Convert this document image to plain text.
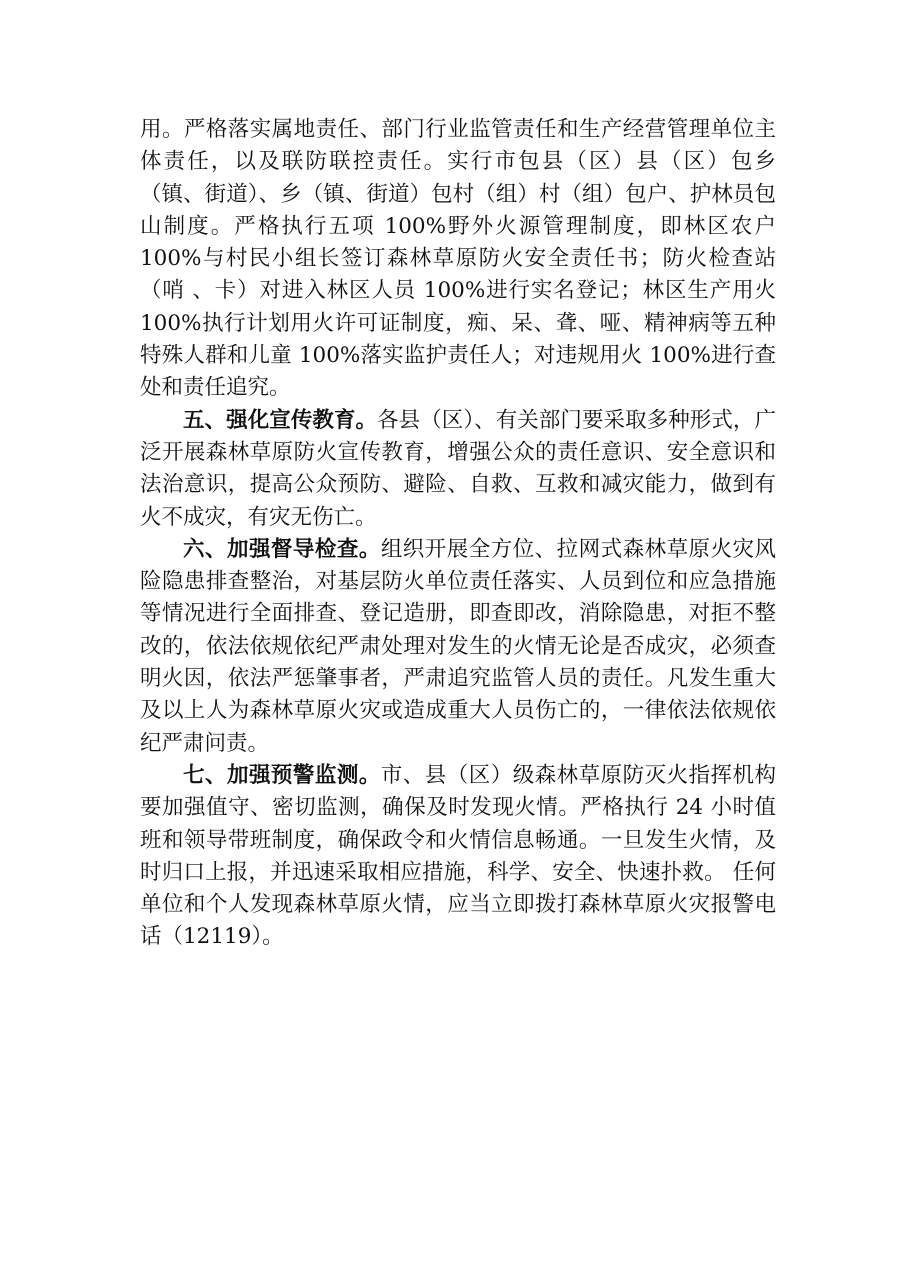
用。严格落实属地责任、部门行业监管责任和生产经营管理单位主体责任，以及联防联控责任。实行市包县（区）县（区）包乡（镇、街道）、乡（镇、街道）包村（组）村（组）包户、护林员包山制度。严格执行五项 100%野外火源管理制度，即林区农户 100%与村民小组长签订森林草原防火安全责任书；防火检查站（哨 、卡）对进入林区人员 100%进行实名登记；林区生产用火 100%执行计划用火许可证制度，痴、呆、聋、哑、精神病等五种特殊人群和儿童 100%落实监护责任人；对违规用火 100%进行查处和责任追究。

五、强化宣传教育。各县（区）、有关部门要采取多种形式，广泛开展森林草原防火宣传教育，增强公众的责任意识、安全意识和法治意识，提高公众预防、避险、自救、互救和减灾能力，做到有火不成灾，有灾无伤亡。

六、加强督导检查。组织开展全方位、拉网式森林草原火灾风险隐患排查整治，对基层防火单位责任落实、人员到位和应急措施等情况进行全面排查、登记造册，即查即改，消除隐患，对拒不整改的，依法依规依纪严肃处理对发生的火情无论是否成灾，必须查明火因，依法严惩肇事者，严肃追究监管人员的责任。凡发生重大及以上人为森林草原火灾或造成重大人员伤亡的，一律依法依规依纪严肃问责。

七、加强预警监测。市、县（区）级森林草原防灭火指挥机构要加强值守、密切监测，确保及时发现火情。严格执行 24 小时值班和领导带班制度，确保政令和火情信息畅通。一旦发生火情，及时归口上报，并迅速采取相应措施，科学、安全、快速扑救。 任何单位和个人发现森林草原火情，应当立即拨打森林草原火灾报警电话（12119）。
